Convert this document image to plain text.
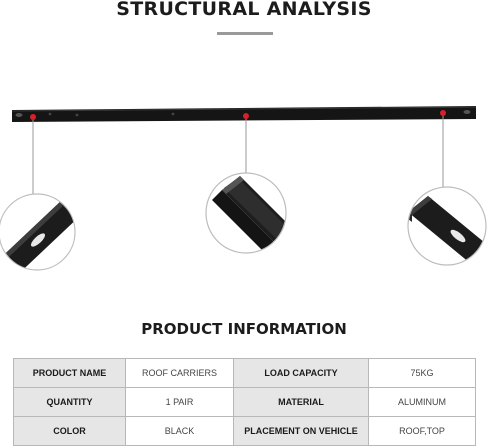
STRUCTURAL ANALYSIS
PRODUCT INFORMATION
PRODUCT NAME	ROOF CARRIERS	LOAD CAPACITY	75KG
QUANTITY	1 PAIR	MATERIAL	ALUMINUM
COLOR	BLACK	PLACEMENT ON VEHICLE	ROOF,TOP
